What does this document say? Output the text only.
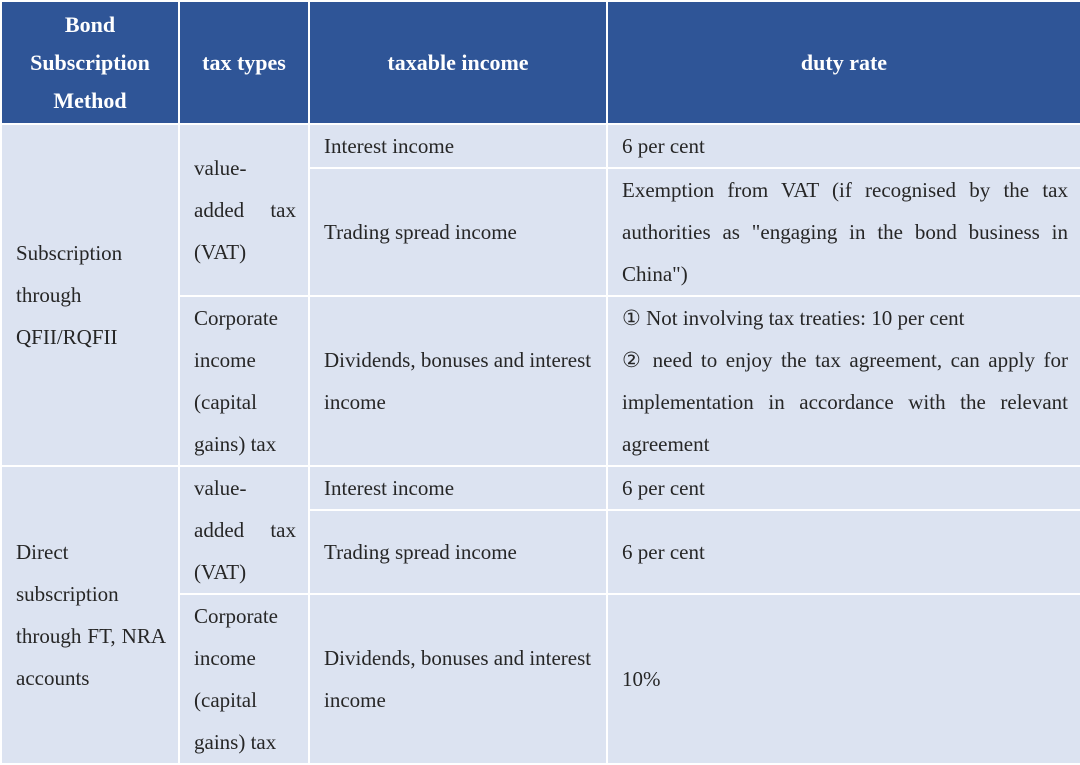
Bond Subscription Method	tax types	taxable income	duty rate
Subscription through QFII/RQFII	value-added tax (VAT)	Interest income	6 per cent
		Trading spread income	Exemption from VAT (if recognised by the tax authorities as "engaging in the bond business in China")
	Corporate income (capital gains) tax	Dividends, bonuses and interest income	① Not involving tax treaties: 10 per cent
② need to enjoy the tax agreement, can apply for implementation in accordance with the relevant agreement

Direct subscription through FT, NRA accounts	value-added tax (VAT)	Interest income	6 per cent
		Trading spread income	6 per cent
	Corporate income (capital gains) tax	Dividends, bonuses and interest income	10%
